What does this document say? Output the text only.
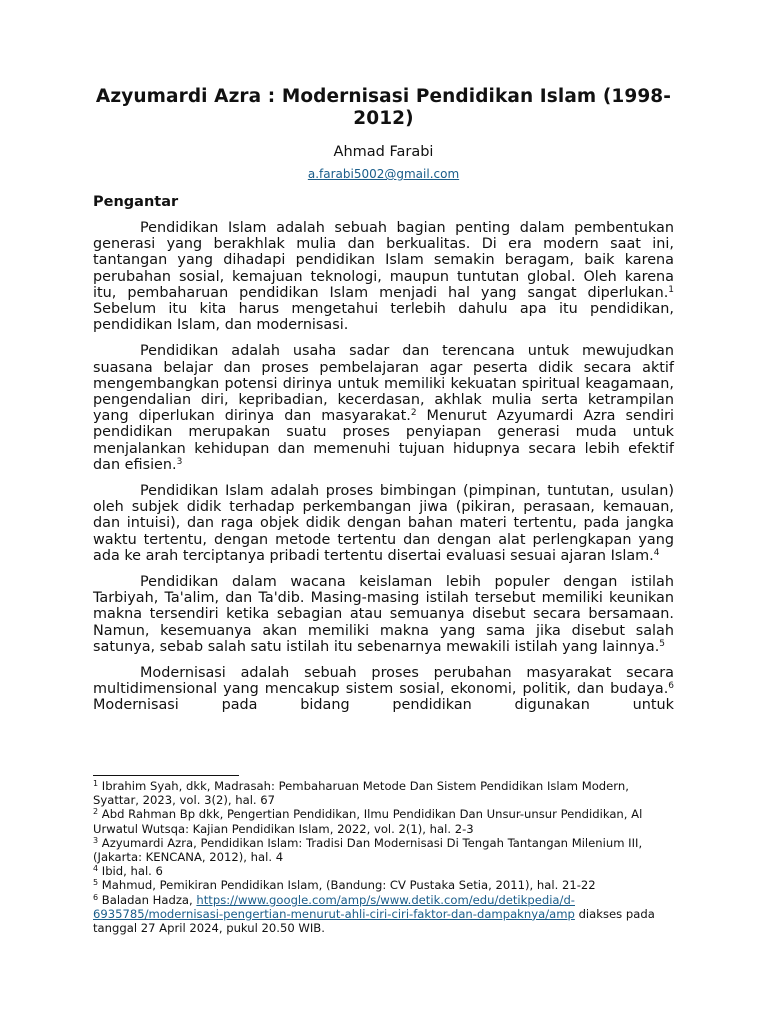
Azyumardi Azra : Modernisasi Pendidikan Islam (1998-2012)

Ahmad Farabi

a.farabi5002@gmail.com

Pengantar

Pendidikan Islam adalah sebuah bagian penting dalam pembentukan generasi yang berakhlak mulia dan berkualitas. Di era modern saat ini, tantangan yang dihadapi pendidikan Islam semakin beragam, baik karena perubahan sosial, kemajuan teknologi, maupun tuntutan global. Oleh karena itu, pembaharuan pendidikan Islam menjadi hal yang sangat diperlukan.$^1$ Sebelum itu kita harus mengetahui terlebih dahulu apa itu pendidikan, pendidikan Islam, dan modernisasi.

Pendidikan adalah usaha sadar dan terencana untuk mewujudkan suasana belajar dan proses pembelajaran agar peserta didik secara aktif mengembangkan potensi dirinya untuk memiliki kekuatan spiritual keagamaan, pengendalian diri, kepribadian, kecerdasan, akhlak mulia serta ketrampilan yang diperlukan dirinya dan masyarakat.$^2$ Menurut Azyumardi Azra sendiri pendidikan merupakan suatu proses penyiapan generasi muda untuk menjalankan kehidupan dan memenuhi tujuan hidupnya secara lebih efektif dan efisien.$^3$

Pendidikan Islam adalah proses bimbingan (pimpinan, tuntutan, usulan) oleh subjek didik terhadap perkembangan jiwa (pikiran, perasaan, kemauan, dan intuisi), dan raga objek didik dengan bahan materi tertentu, pada jangka waktu tertentu, dengan metode tertentu dan dengan alat perlengkapan yang ada ke arah terciptanya pribadi tertentu disertai evaluasi sesuai ajaran Islam.$^4$

Pendidikan dalam wacana keislaman lebih populer dengan istilah Tarbiyah, Ta'alim, dan Ta'dib. Masing-masing istilah tersebut memiliki keunikan makna tersendiri ketika sebagian atau semuanya disebut secara bersamaan. Namun, kesemuanya akan memiliki makna yang sama jika disebut salah satunya, sebab salah satu istilah itu sebenarnya mewakili istilah yang lainnya.$^5$

Modernisasi adalah sebuah proses perubahan masyarakat secara multidimensional yang mencakup sistem sosial, ekonomi, politik, dan budaya.$^6$ Modernisasi pada bidang pendidikan digunakan untuk

$^1$ Ibrahim Syah, dkk, Madrasah: Pembaharuan Metode Dan Sistem Pendidikan Islam Modern, Syattar, 2023, vol. 3(2), hal. 67

$^2$ Abd Rahman Bp dkk, Pengertian Pendidikan, Ilmu Pendidikan Dan Unsur-unsur Pendidikan, Al Urwatul Wutsqa: Kajian Pendidikan Islam, 2022, vol. 2(1), hal. 2-3

$^3$ Azyumardi Azra, Pendidikan Islam: Tradisi Dan Modernisasi Di Tengah Tantangan Milenium III, (Jakarta: KENCANA, 2012), hal. 4

$^4$ Ibid, hal. 6

$^5$ Mahmud, Pemikiran Pendidikan Islam, (Bandung: CV Pustaka Setia, 2011), hal. 21-22

$^6$ Baladan Hadza, https://www.google.com/amp/s/www.detik.com/edu/detikpedia/d-6935785/modernisasi-pengertian-menurut-ahli-ciri-ciri-faktor-dan-dampaknya/amp diakses pada tanggal 27 April 2024, pukul 20.50 WIB.
